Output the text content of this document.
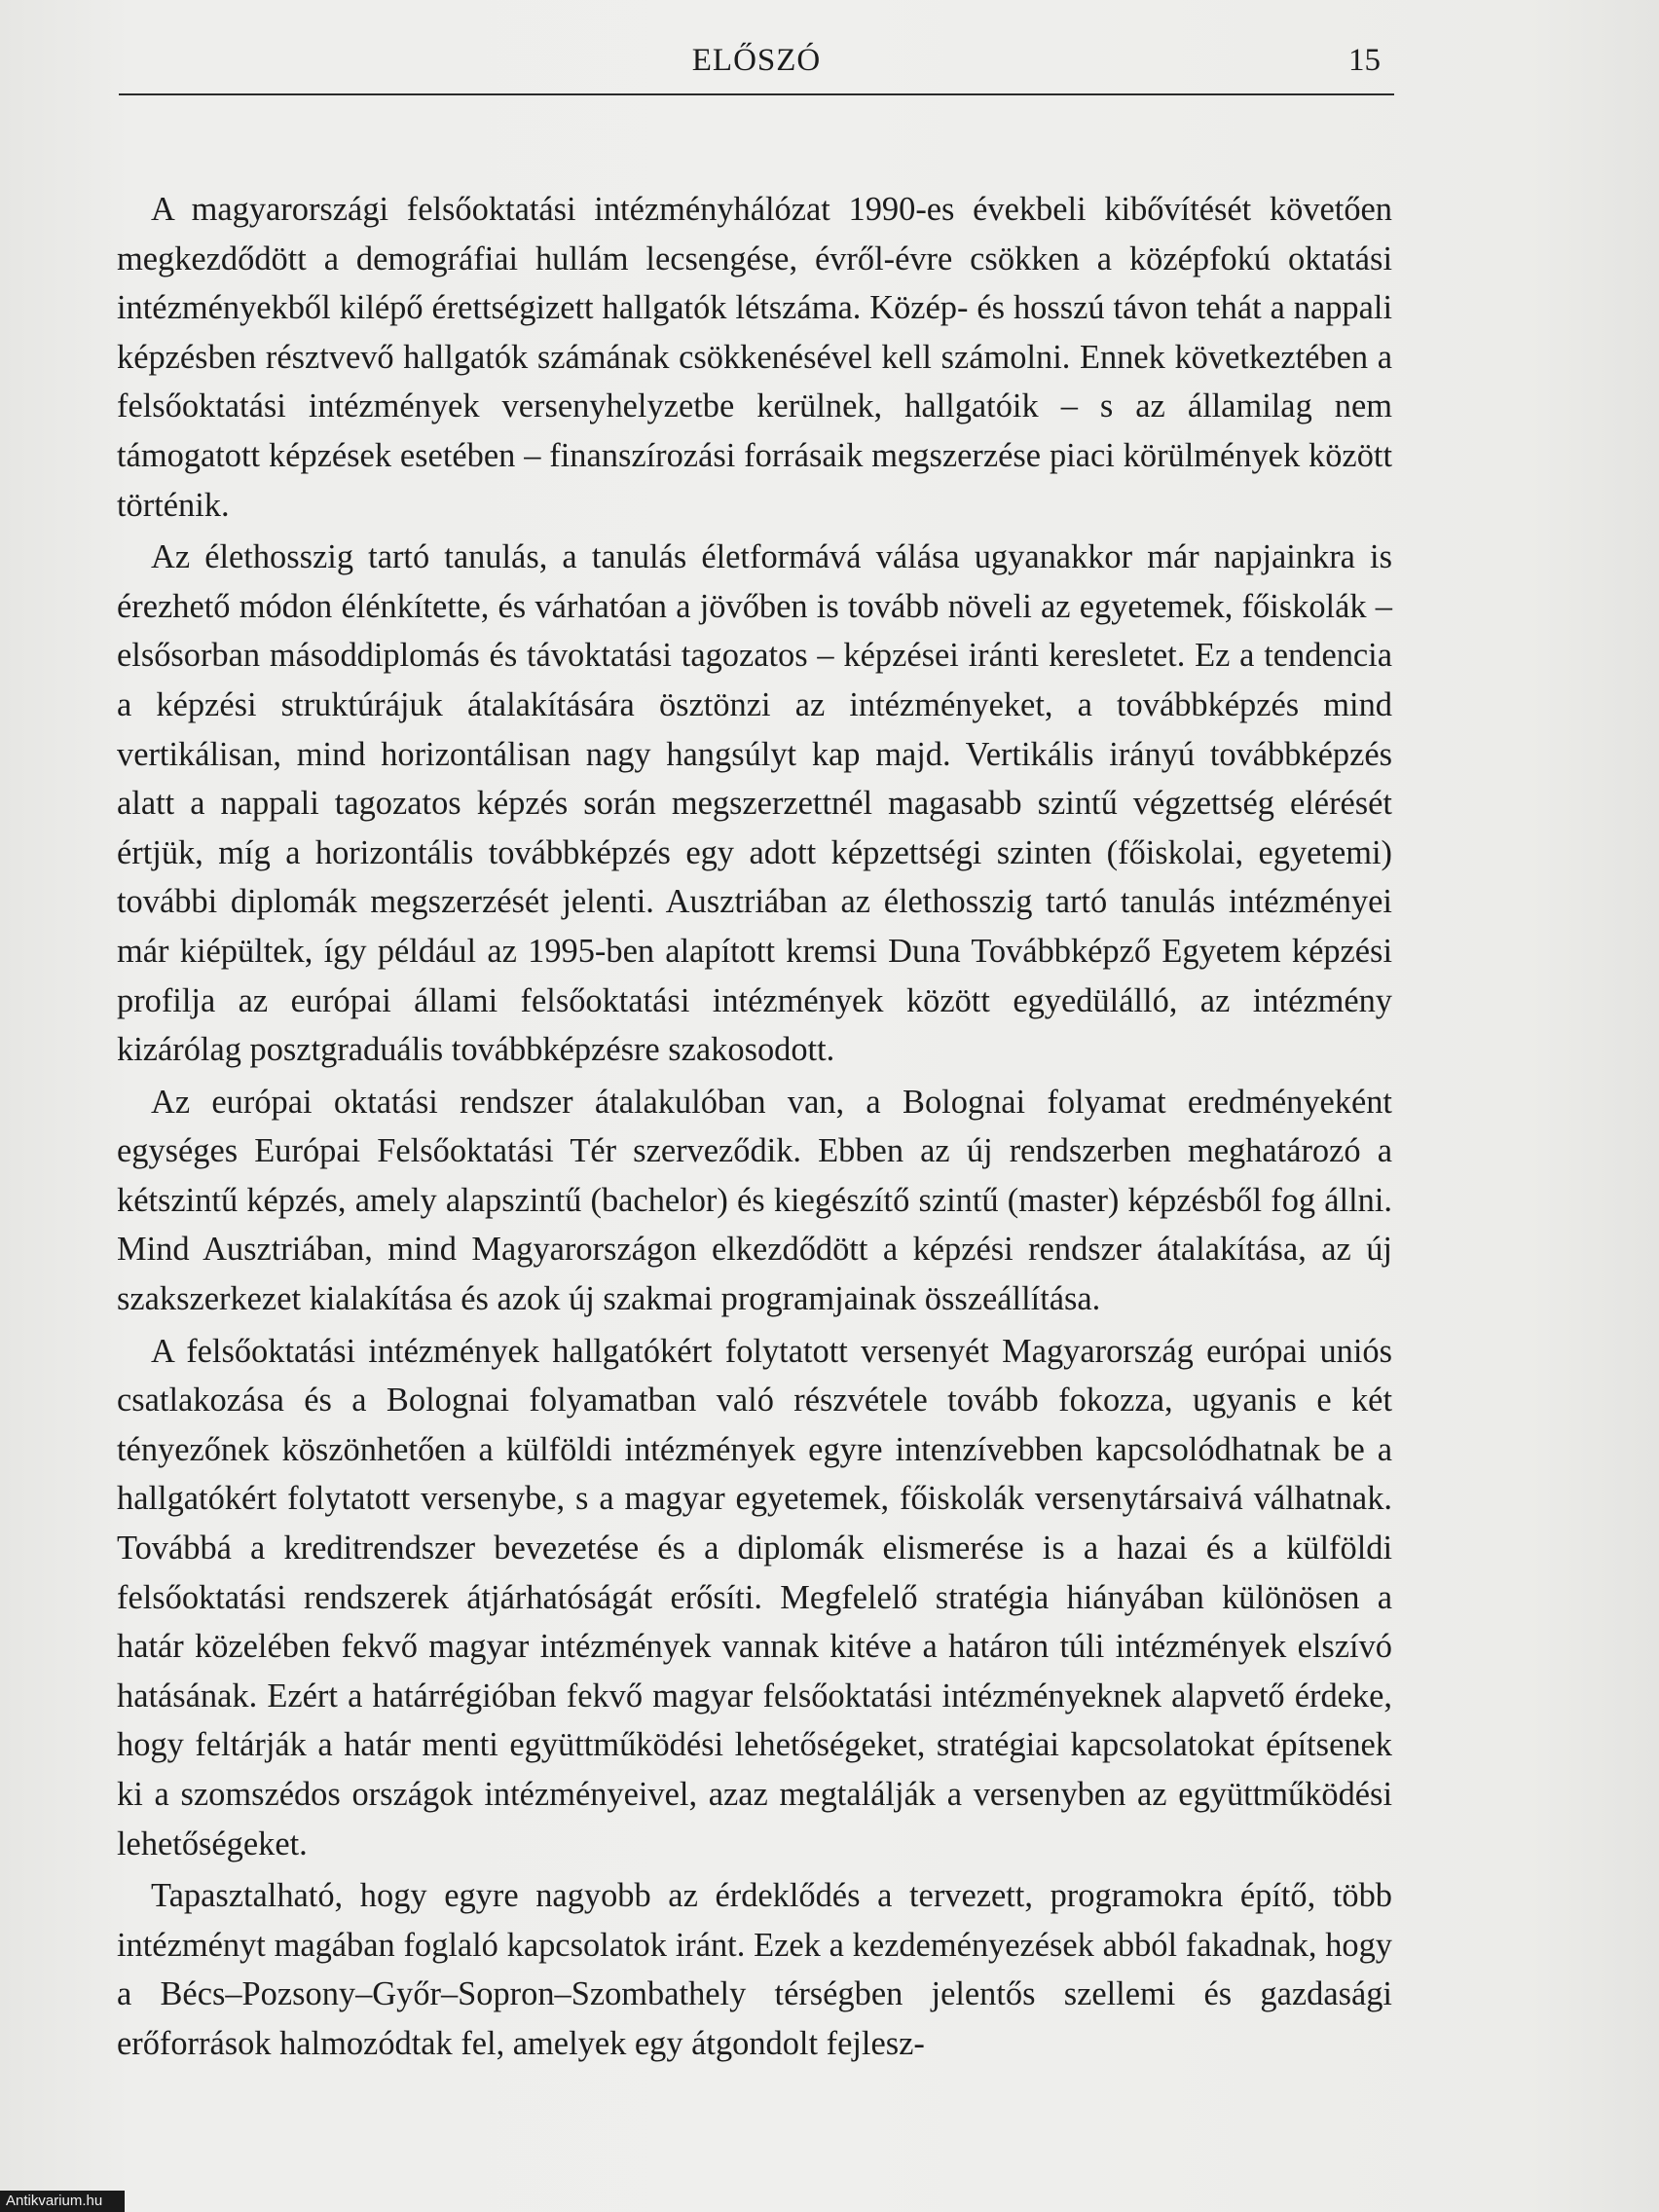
ELŐSZÓ	15

A magyarországi felsőoktatási intézményhálózat 1990-es évekbeli kibővítését követően megkezdődött a demográfiai hullám lecsengése, évről-évre csökken a középfokú oktatási intézményekből kilépő érettségizett hallgatók létszáma. Közép- és hosszú távon tehát a nappali képzésben résztvevő hallgatók számának csökkenésével kell számolni. Ennek következtében a felsőoktatási intézmények versenyhelyzetbe kerülnek, hallgatóik – s az államilag nem támogatott képzések esetében – finanszírozási forrásaik megszerzése piaci körülmények között történik.

Az élethosszig tartó tanulás, a tanulás életformává válása ugyanakkor már napjainkra is érezhető módon élénkítette, és várhatóan a jövőben is tovább növeli az egyetemek, főiskolák – elsősorban másoddiplomás és távoktatási tagozatos – képzései iránti keresletet. Ez a tendencia a képzési struktúrájuk átalakítására ösztönzi az intézményeket, a továbbképzés mind vertikálisan, mind horizontálisan nagy hangsúlyt kap majd. Vertikális irányú továbbképzés alatt a nappali tagozatos képzés során megszerzettnél magasabb szintű végzettség elérését értjük, míg a horizontális továbbképzés egy adott képzettségi szinten (főiskolai, egyetemi) további diplomák megszerzését jelenti. Ausztriában az élethosszig tartó tanulás intézményei már kiépültek, így például az 1995-ben alapított kremsi Duna Továbbképző Egyetem képzési profilja az európai állami felsőoktatási intézmények között egyedülálló, az intézmény kizárólag posztgraduális továbbképzésre szakosodott.

Az európai oktatási rendszer átalakulóban van, a Bolognai folyamat eredményeként egységes Európai Felsőoktatási Tér szerveződik. Ebben az új rendszerben meghatározó a kétszintű képzés, amely alapszintű (bachelor) és kiegészítő szintű (master) képzésből fog állni. Mind Ausztriában, mind Magyarországon elkezdődött a képzési rendszer átalakítása, az új szakszerkezet kialakítása és azok új szakmai programjainak összeállítása.

A felsőoktatási intézmények hallgatókért folytatott versenyét Magyarország európai uniós csatlakozása és a Bolognai folyamatban való részvétele tovább fokozza, ugyanis e két tényezőnek köszönhetően a külföldi intézmények egyre intenzívebben kapcsolódhatnak be a hallgatókért folytatott versenybe, s a magyar egyetemek, főiskolák versenytársaivá válhatnak. Továbbá a kreditrendszer bevezetése és a diplomák elismerése is a hazai és a külföldi felsőoktatási rendszerek átjárhatóságát erősíti. Megfelelő stratégia hiányában különösen a határ közelében fekvő magyar intézmények vannak kitéve a határon túli intézmények elszívó hatásának. Ezért a határrégióban fekvő magyar felsőoktatási intézményeknek alapvető érdeke, hogy feltárják a határ menti együttműködési lehetőségeket, stratégiai kapcsolatokat építsenek ki a szomszédos országok intézményeivel, azaz megtalálják a versenyben az együttműködési lehetőségeket.

Tapasztalható, hogy egyre nagyobb az érdeklődés a tervezett, programokra építő, több intézményt magában foglaló kapcsolatok iránt. Ezek a kezdeményezések abból fakadnak, hogy a Bécs–Pozsony–Győr–Sopron–Szombathely térségben jelentős szellemi és gazdasági erőforrások halmozódtak fel, amelyek egy átgondolt fejlesz-

Antikvarium.hu
